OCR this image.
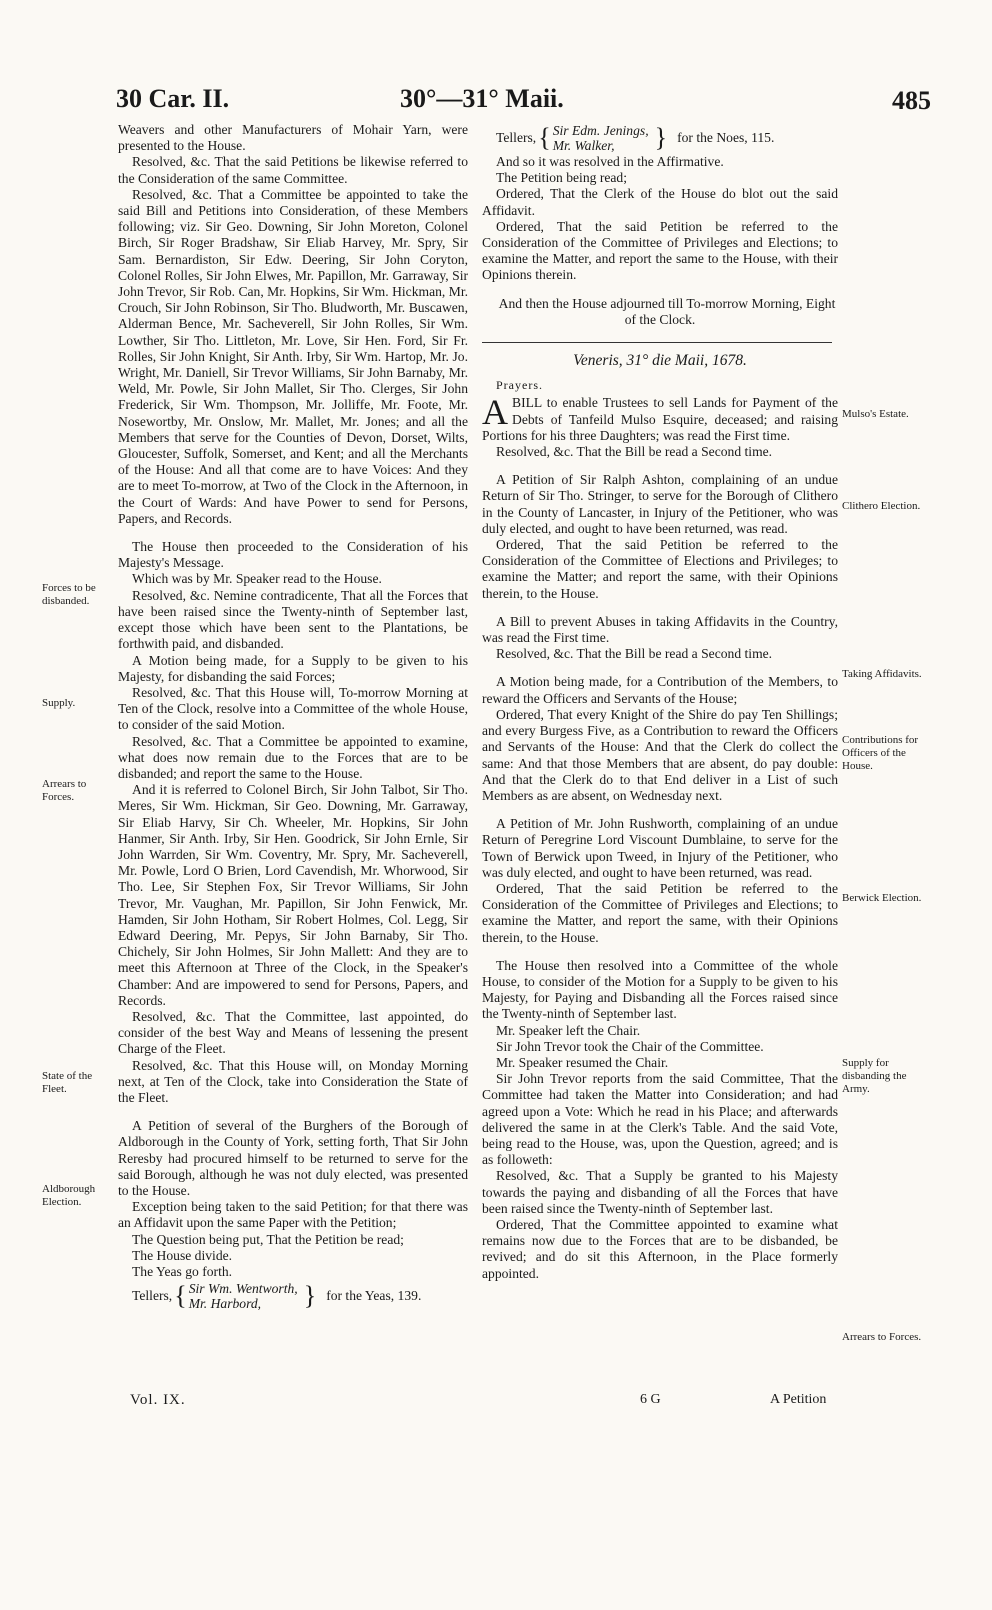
30 Car. II.	30°—31° Maii.	485

Weavers and other Manufacturers of Mohair Yarn, were presented to the House.

Resolved, &c. That the said Petitions be likewise referred to the Consideration of the same Committee.

Resolved, &c. That a Committee be appointed to take the said Bill and Petitions into Consideration, of these Members following; viz. Sir Geo. Downing, Sir John Moreton, Colonel Birch, Sir Roger Bradshaw, Sir Eliab Harvey, Mr. Spry, Sir Sam. Bernardiston, Sir Edw. Deering, Sir John Coryton, Colonel Rolles, Sir John Elwes, Mr. Papillon, Mr. Garraway, Sir John Trevor, Sir Rob. Can, Mr. Hopkins, Sir Wm. Hickman, Mr. Crouch, Sir John Robinson, Sir Tho. Bludworth, Mr. Buscawen, Alderman Bence, Mr. Sacheverell, Sir John Rolles, Sir Wm. Lowther, Sir Tho. Littleton, Mr. Love, Sir Hen. Ford, Sir Fr. Rolles, Sir John Knight, Sir Anth. Irby, Sir Wm. Hartop, Mr. Jo. Wright, Mr. Daniell, Sir Trevor Williams, Sir John Barnaby, Mr. Weld, Mr. Powle, Sir John Mallet, Sir Tho. Clerges, Sir John Frederick, Sir Wm. Thompson, Mr. Jolliffe, Mr. Foote, Mr. Nosewortby, Mr. Onslow, Mr. Mallet, Mr. Jones; and all the Members that serve for the Counties of Devon, Dorset, Wilts, Gloucester, Suffolk, Somerset, and Kent; and all the Merchants of the House: And all that come are to have Voices: And they are to meet To-morrow, at Two of the Clock in the Afternoon, in the Court of Wards: And have Power to send for Persons, Papers, and Records.

The House then proceeded to the Consideration of his Majesty's Message.

Which was by Mr. Speaker read to the House.

Resolved, &c. Nemine contradicente, That all the Forces that have been raised since the Twenty-ninth of September last, except those which have been sent to the Plantations, be forthwith paid, and disbanded.

A Motion being made, for a Supply to be given to his Majesty, for disbanding the said Forces;

Resolved, &c. That this House will, To-morrow Morning at Ten of the Clock, resolve into a Committee of the whole House, to consider of the said Motion.

Resolved, &c. That a Committee be appointed to examine, what does now remain due to the Forces that are to be disbanded; and report the same to the House.

And it is referred to Colonel Birch, Sir John Talbot, Sir Tho. Meres, Sir Wm. Hickman, Sir Geo. Downing, Mr. Garraway, Sir Eliab Harvy, Sir Ch. Wheeler, Mr. Hopkins, Sir John Hanmer, Sir Anth. Irby, Sir Hen. Goodrick, Sir John Ernle, Sir John Warrden, Sir Wm. Coventry, Mr. Spry, Mr. Sacheverell, Mr. Powle, Lord O Brien, Lord Cavendish, Mr. Whorwood, Sir Tho. Lee, Sir Stephen Fox, Sir Trevor Williams, Sir John Trevor, Mr. Vaughan, Mr. Papillon, Sir John Fenwick, Mr. Hamden, Sir John Hotham, Sir Robert Holmes, Col. Legg, Sir Edward Deering, Mr. Pepys, Sir John Barnaby, Sir Tho. Chichely, Sir John Holmes, Sir John Mallett: And they are to meet this Afternoon at Three of the Clock, in the Speaker's Chamber: And are impowered to send for Persons, Papers, and Records.

Resolved, &c. That the Committee, last appointed, do consider of the best Way and Means of lessening the present Charge of the Fleet.

Resolved, &c. That this House will, on Monday Morning next, at Ten of the Clock, take into Consideration the State of the Fleet.

A Petition of several of the Burghers of the Borough of Aldborough in the County of York, setting forth, That Sir John Reresby had procured himself to be returned to serve for the said Borough, although he was not duly elected, was presented to the House.

Exception being taken to the said Petition; for that there was an Affidavit upon the same Paper with the Petition;

The Question being put, That the Petition be read;

The House divide.

The Yeas go forth.

Tellers, { Sir Wm. Wentworth,
Mr. Harbord,	} for the Yeas, 139.
Tellers, { Sir Edm. Jenings,
Mr. Walker,	} for the Noes, 115.

And so it was resolved in the Affirmative.

The Petition being read;

Ordered, That the Clerk of the House do blot out the said Affidavit.

Ordered, That the said Petition be referred to the Consideration of the Committee of Privileges and Elections; to examine the Matter, and report the same to the House, with their Opinions therein.

And then the House adjourned till To-morrow Morning, Eight of the Clock.

Veneris, 31° die Maii, 1678.
Prayers.

ABILL to enable Trustees to sell Lands for Payment of the Debts of Tanfeild Mulso Esquire, deceased; and raising Portions for his three Daughters; was read the First time.

Resolved, &c. That the Bill be read a Second time.

A Petition of Sir Ralph Ashton, complaining of an undue Return of Sir Tho. Stringer, to serve for the Borough of Clithero in the County of Lancaster, in Injury of the Petitioner, who was duly elected, and ought to have been returned, was read.

Ordered, That the said Petition be referred to the Consideration of the Committee of Elections and Privileges; to examine the Matter; and report the same, with their Opinions therein, to the House.

A Bill to prevent Abuses in taking Affidavits in the Country, was read the First time.

Resolved, &c. That the Bill be read a Second time.

A Motion being made, for a Contribution of the Members, to reward the Officers and Servants of the House;

Ordered, That every Knight of the Shire do pay Ten Shillings; and every Burgess Five, as a Contribution to reward the Officers and Servants of the House: And that the Clerk do collect the same: And that those Members that are absent, do pay double: And that the Clerk do to that End deliver in a List of such Members as are absent, on Wednesday next.

A Petition of Mr. John Rushworth, complaining of an undue Return of Peregrine Lord Viscount Dumblaine, to serve for the Town of Berwick upon Tweed, in Injury of the Petitioner, who was duly elected, and ought to have been returned, was read.

Ordered, That the said Petition be referred to the Consideration of the Committee of Privileges and Elections; to examine the Matter, and report the same, with their Opinions therein, to the House.

The House then resolved into a Committee of the whole House, to consider of the Motion for a Supply to be given to his Majesty, for Paying and Disbanding all the Forces raised since the Twenty-ninth of September last.

Mr. Speaker left the Chair.

Sir John Trevor took the Chair of the Committee.

Mr. Speaker resumed the Chair.

Sir John Trevor reports from the said Committee, That the Committee had taken the Matter into Consideration; and had agreed upon a Vote: Which he read in his Place; and afterwards delivered the same in at the Clerk's Table. And the said Vote, being read to the House, was, upon the Question, agreed; and is as followeth:

Resolved, &c. That a Supply be granted to his Majesty towards the paying and disbanding of all the Forces that have been raised since the Twenty-ninth of September last.

Ordered, That the Committee appointed to examine what remains now due to the Forces that are to be disbanded, be revived; and do sit this Afternoon, in the Place formerly appointed.

Forces to be disbanded.
Supply.
Arrears to Forces.
State of the Fleet.
Aldborough Election.
Mulso's Estate.
Clithero Election.
Taking Affidavits.
Contributions for Officers of the House.
Berwick Election.
Supply for disbanding the Army.
Arrears to Forces.
Vol. IX.	6 G	A Petition
